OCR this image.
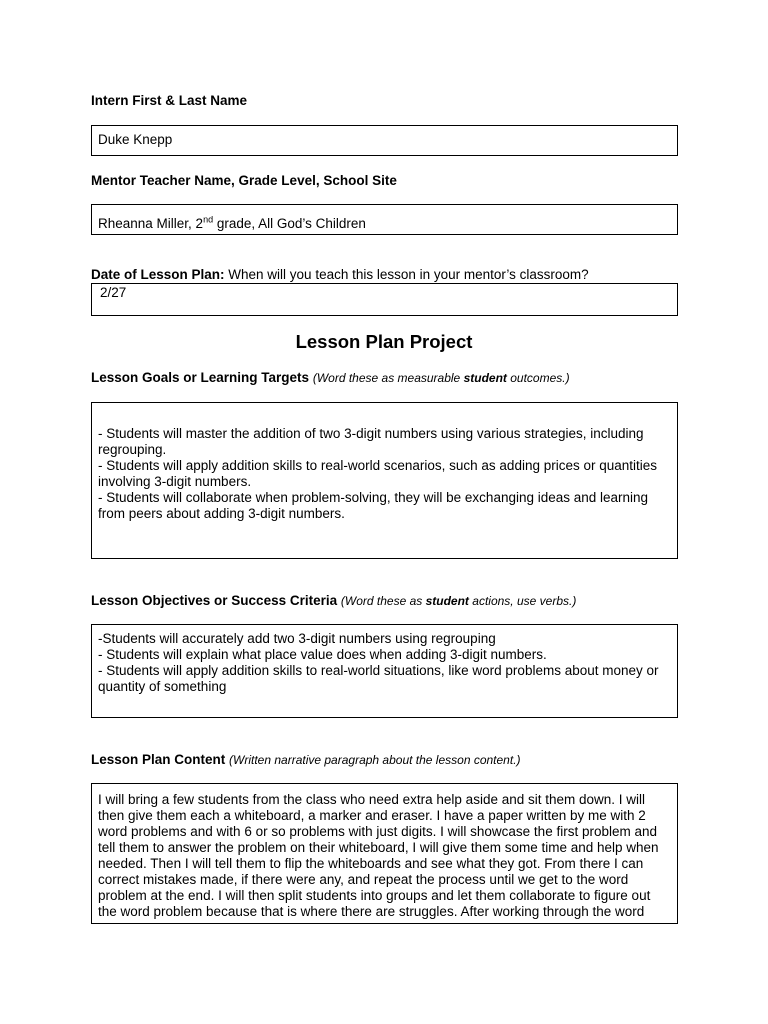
Intern First & Last Name
Duke Knepp
Mentor Teacher Name, Grade Level, School Site
Rheanna Miller, 2nd grade, All God’s Children
Date of Lesson Plan: When will you teach this lesson in your mentor’s classroom?
2/27
Lesson Plan Project
Lesson Goals or Learning Targets (Word these as measurable student outcomes.)

- Students will master the addition of two 3-digit numbers using various strategies, including regrouping.

- Students will apply addition skills to real-world scenarios, such as adding prices or quantities involving 3-digit numbers.

- Students will collaborate when problem-solving, they will be exchanging ideas and learning from peers about adding 3-digit numbers.

Lesson Objectives or Success Criteria (Word these as student actions, use verbs.)

-Students will accurately add two 3-digit numbers using regrouping

- Students will explain what place value does when adding 3-digit numbers.

- Students will apply addition skills to real-world situations, like word problems about money or quantity of something

Lesson Plan Content (Written narrative paragraph about the lesson content.)

I will bring a few students from the class who need extra help aside and sit them down. I will then give them each a whiteboard, a marker and eraser. I have a paper written by me with 2 word problems and with 6 or so problems with just digits. I will showcase the first problem and tell them to answer the problem on their whiteboard, I will give them some time and help when needed. Then I will tell them to flip the whiteboards and see what they got. From there I can correct mistakes made, if there were any, and repeat the process until we get to the word problem at the end. I will then split students into groups and let them collaborate to figure out the word problem because that is where there are struggles. After working through the word
